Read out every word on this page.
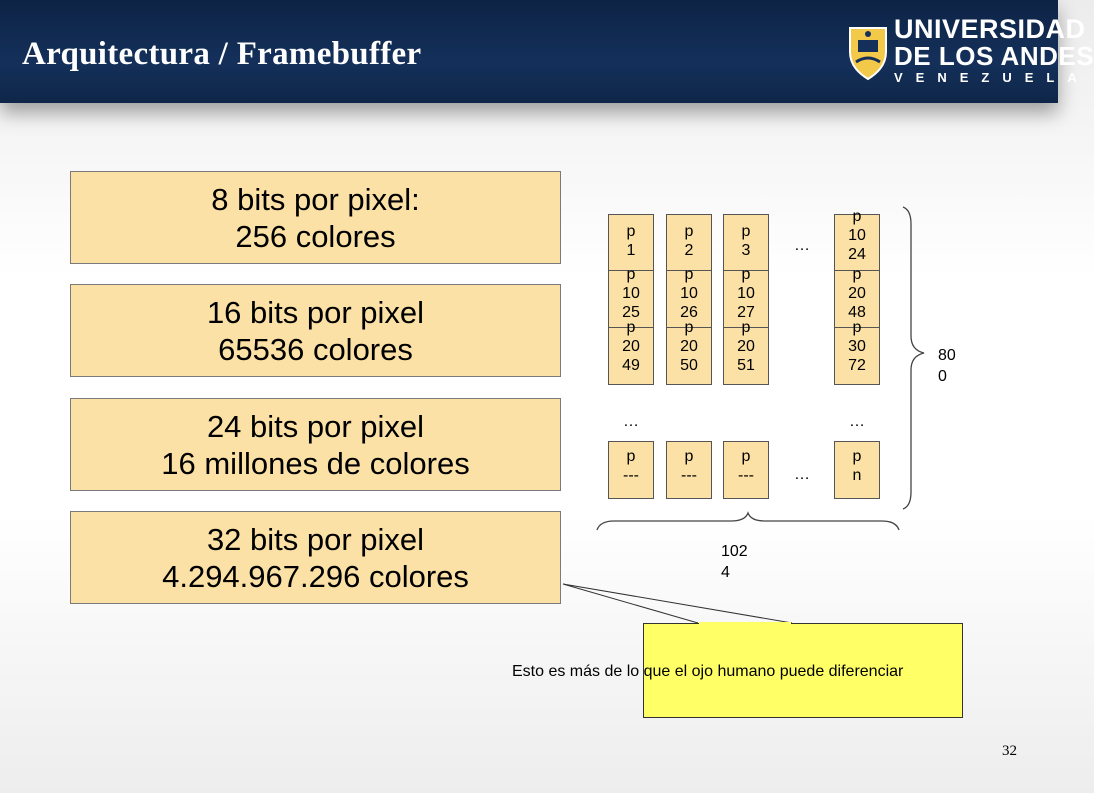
Arquitectura / Framebuffer
UNIVERSIDAD
DE LOS ANDES
VENEZUELA
8 bits por pixel:
256 colores
16 bits por pixel
65536 colores
24 bits por pixel
16 millones de colores
32 bits por pixel
4.294.967.296 colores
p
1
p
2
p
3
p
10
24
p
10
25
p
10
26
p
10
27
p
20
48
p
20
49
p
20
50
p
20
51
p
30
72
p
---
p
---
p
---
p
n
…
…	…
…
80
0
102
4
Esto es más de lo que el ojo humano puede diferenciar
32
